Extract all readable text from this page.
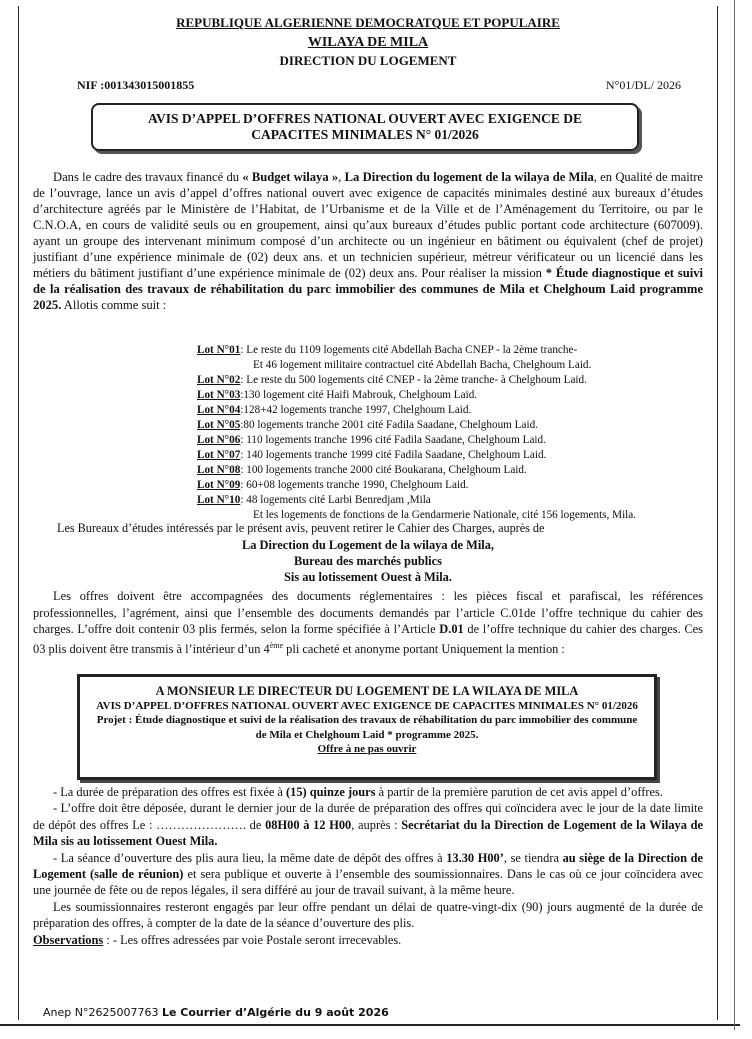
REPUBLIQUE ALGERIENNE DEMOCRATQUE ET POPULAIRE
WILAYA DE MILA
DIRECTION DU LOGEMENT
NIF :001343015001855	N°01/DL/ 2026
AVIS D’APPEL D’OFFRES NATIONAL OUVERT AVEC EXIGENCE DE
CAPACITES MINIMALES N° 01/2026

Dans le cadre des travaux financé du « Budget wilaya », La Direction du logement de la wilaya de Mila, en Qualité de maitre de l’ouvrage, lance un avis d’appel d’offres national ouvert avec exigence de capacités minimales destiné aux bureaux d’études d’architecture agréés par le Ministère de l’Habitat, de l’Urbanisme et de la Ville et de l’Aménagement du Territoire, ou par le C.N.O.A, en cours de validité seuls ou en groupement, ainsi qu’aux bureaux d’études public portant code architecture (607009). ayant un groupe des intervenant minimum composé d’un architecte ou un ingénieur en bâtiment ou équivalent (chef de projet) justifiant d’une expérience minimale de (02) deux ans. et un technicien supérieur, métreur vérificateur ou un licencié dans les métiers du bâtiment justifiant d’une expérience minimale de (02) deux ans. Pour réaliser la mission * Étude diagnostique et suivi de la réalisation des travaux de réhabilitation du parc immobilier des communes de Mila et Chelghoum Laid programme 2025. Allotis comme suit :

Lot N°01: Le reste du 1109 logements cité Abdellah Bacha CNEP - la 2ème tranche-
Et 46 logement militaire contractuel cité Abdellah Bacha, Chelghoum Laid.
Lot N°02: Le reste du 500 logements cité CNEP - la 2ème tranche- à Chelghoum Laid.
Lot N°03:130 logement cité Haifi Mabrouk, Chelghoum Laid.
Lot N°04:128+42 logements tranche 1997, Chelghoum Laid.
Lot N°05:80 logements tranche 2001 cité Fadila Saadane, Chelghoum Laid.
Lot N°06: 110 logements tranche 1996 cité Fadila Saadane, Chelghoum Laid.
Lot N°07: 140 logements tranche 1999 cité Fadila Saadane, Chelghoum Laid.
Lot N°08: 100 logements tranche 2000 cité Boukarana, Chelghoum Laid.
Lot N°09: 60+08 logements tranche 1990, Chelghoum Laid.
Lot N°10: 48 logements cité Larbi Benredjam ,Mila
Et les logements de fonctions de la Gendarmerie Nationale, cité 156 logements, Mila.
Les Bureaux d’études intéressés par le présent avis, peuvent retirer le Cahier des Charges, auprès de
La Direction du Logement de la wilaya de Mila,
Bureau des marchés publics
Sis au lotissement Ouest à Mila.
Les offres doivent être accompagnées des documents réglementaires : les pièces fiscal et parafiscal, les références professionnelles, l’agrément, ainsi que l’ensemble des documents demandés par l’article C.01de l’offre technique du cahier des charges. L’offre doit contenir 03 plis fermés, selon la forme spécifiée à l’Article D.01 de l’offre technique du cahier des charges. Ces 03 plis doivent être transmis à l’intérieur d’un 4ème pli cacheté et anonyme portant Uniquement la mention :
A MONSIEUR LE DIRECTEUR DU LOGEMENT DE LA WILAYA DE MILA
AVIS D’APPEL D’OFFRES NATIONAL OUVERT AVEC EXIGENCE DE CAPACITES MINIMALES N° 01/2026
Projet : Étude diagnostique et suivi de la réalisation des travaux de réhabilitation du parc immobilier des commune de Mila et Chelghoum Laid * programme 2025.
Offre à ne pas ouvrir

- La durée de préparation des offres est fixée à (15) quinze jours à partir de la première parution de cet avis appel d’offres.

- L’offre doit être déposée, durant le dernier jour de la durée de préparation des offres qui coïncidera avec le jour de la date limite de dépôt des offres Le : …………………. de 08H00 à 12 H00, auprès : Secrétariat du la Direction de Logement de la Wilaya de Mila sis au lotissement Ouest Mila.

- La séance d’ouverture des plis aura lieu, la même date de dépôt des offres à 13.30 H00’, se tiendra au siège de la Direction de Logement (salle de réunion) et sera publique et ouverte à l’ensemble des soumissionnaires. Dans le cas où ce jour coïncidera avec une journée de fête ou de repos légales, il sera différé au jour de travail suivant, à la même heure.

Les soumissionnaires resteront engagés par leur offre pendant un délai de quatre-vingt-dix (90) jours augmenté de la durée de préparation des offres, à compter de la date de la séance d’ouverture des plis.

Observations : - Les offres adressées par voie Postale seront irrecevables.

Anep N°2625007763 Le Courrier d’Algérie du 9 août 2026
